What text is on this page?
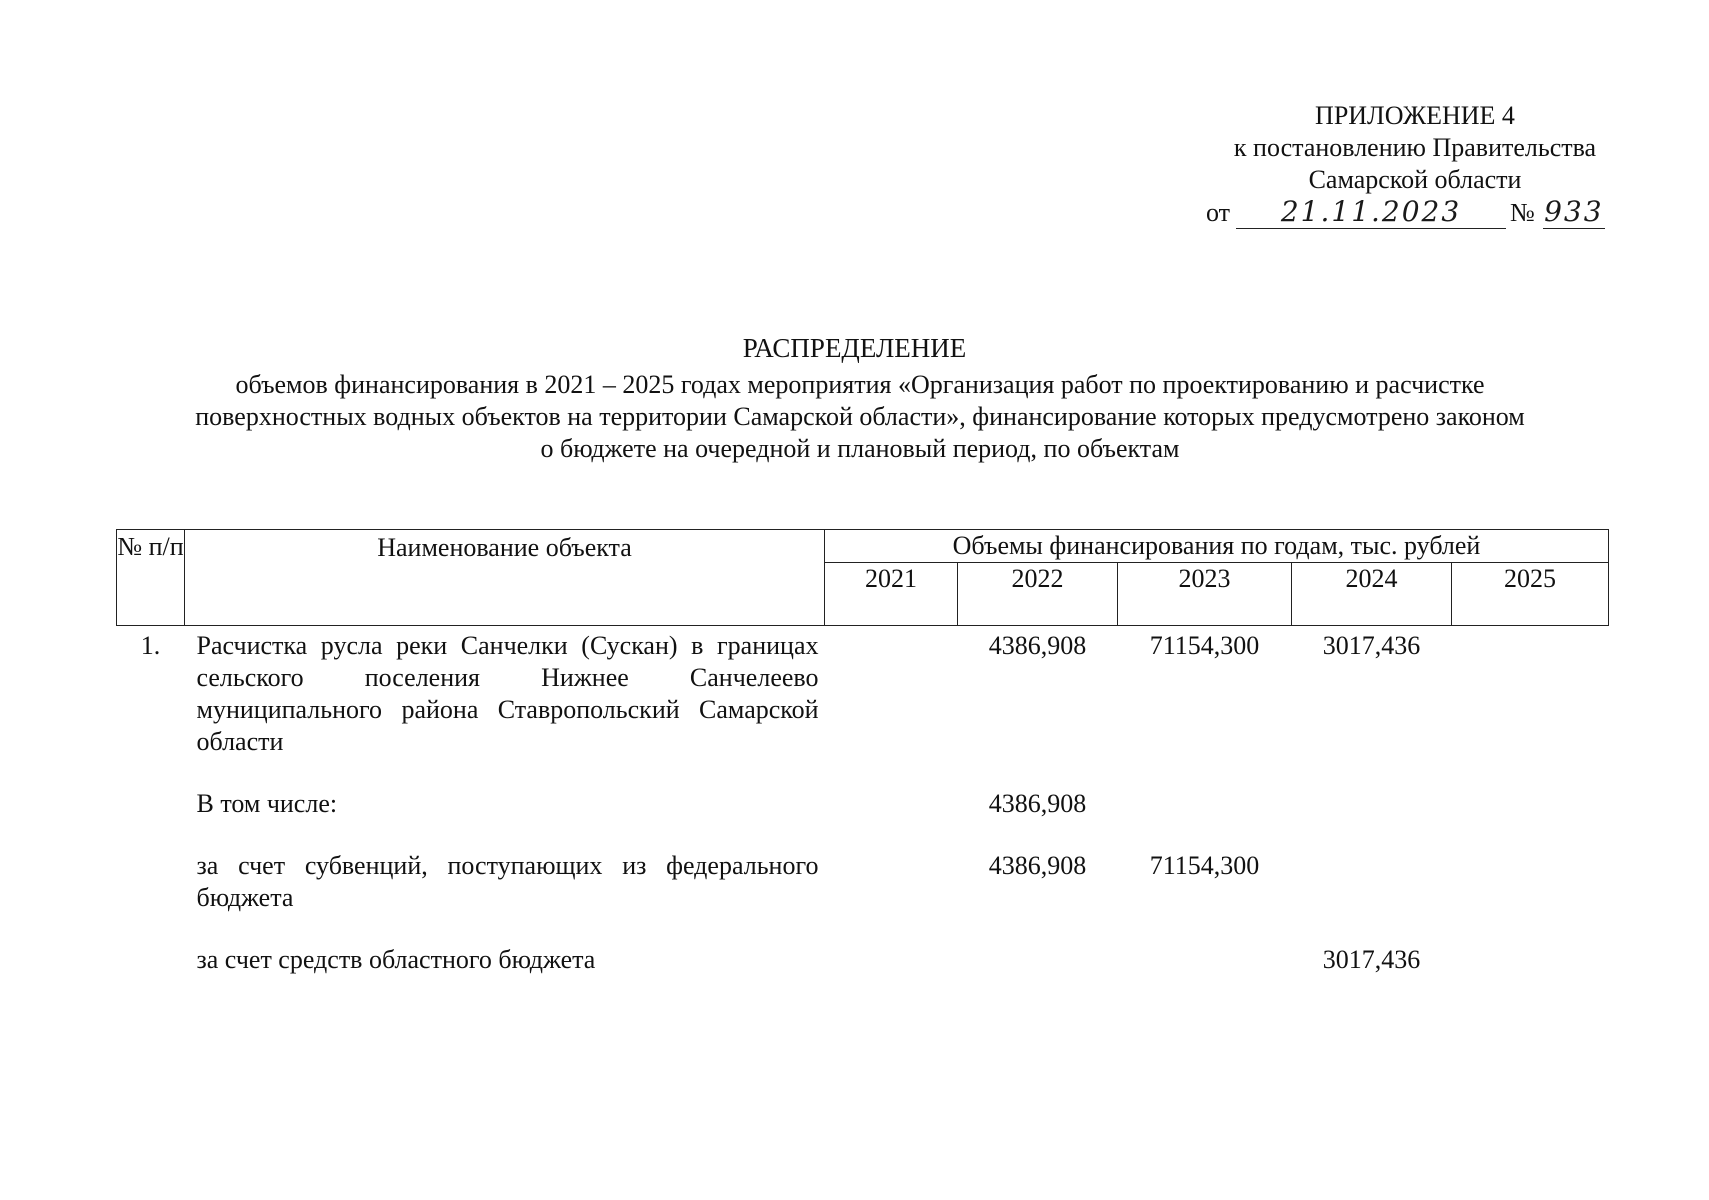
ПРИЛОЖЕНИЕ 4
к постановлению Правительства
Самарской области
от 21.11.2023 № 933
РАСПРЕДЕЛЕНИЕ
объемов финансирования в 2021 – 2025 годах мероприятия «Организация работ по проектированию и расчистке
поверхностных водных объектов на территории Самарской области», финансирование которых предусмотрено законом
о бюджете на очередной и плановый период, по объектам
№ п/п	Наименование объекта	Объемы финансирования по годам, тыс. рублей				
		2021	2022	2023	2024	2025
1.	Расчистка русла реки Санчелки (Сускан) в границах сельского поселения Нижнее Санчелеево муниципального района Ставропольский Самарской области		4386,908	71154,300	3017,436	

	В том числе:		4386,908			

	за счет субвенций, поступающих из федерального бюджета		4386,908	71154,300		

	за счет средств областного бюджета				3017,436	
